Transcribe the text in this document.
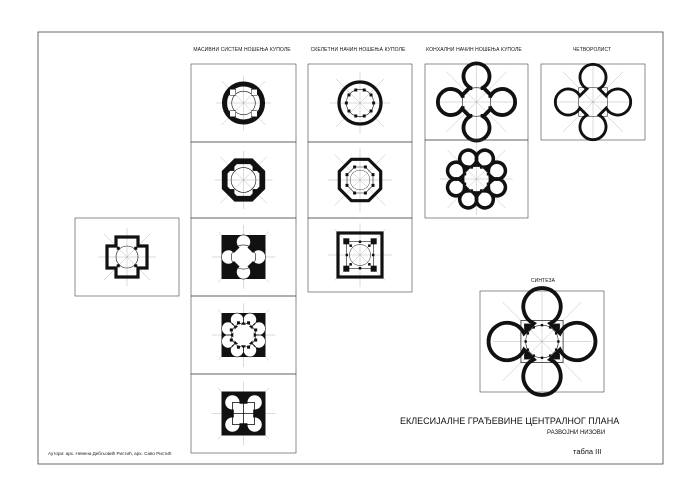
МАСИВНИ СИСТЕМ НОШЕЊА КУПОЛЕ	СКЕЛЕТНИ НАЧИН НОШЕЊА КУПОЛЕ	КОНХАЛНИ НАЧИН НОШЕЊА КУПОЛЕ	ЧЕТВОРОЛИСТ
СИНТЕЗА
ЕКЛЕСИЈАЛНЕ ГРАЂЕВИНЕ ЦЕНТРАЛНОГ ПЛАНА
РАЗВОЈНИ НИЗОВИ
табла III
Аутори: арх. Невена Дебљовић Ристић, арх. Саво Ристић
